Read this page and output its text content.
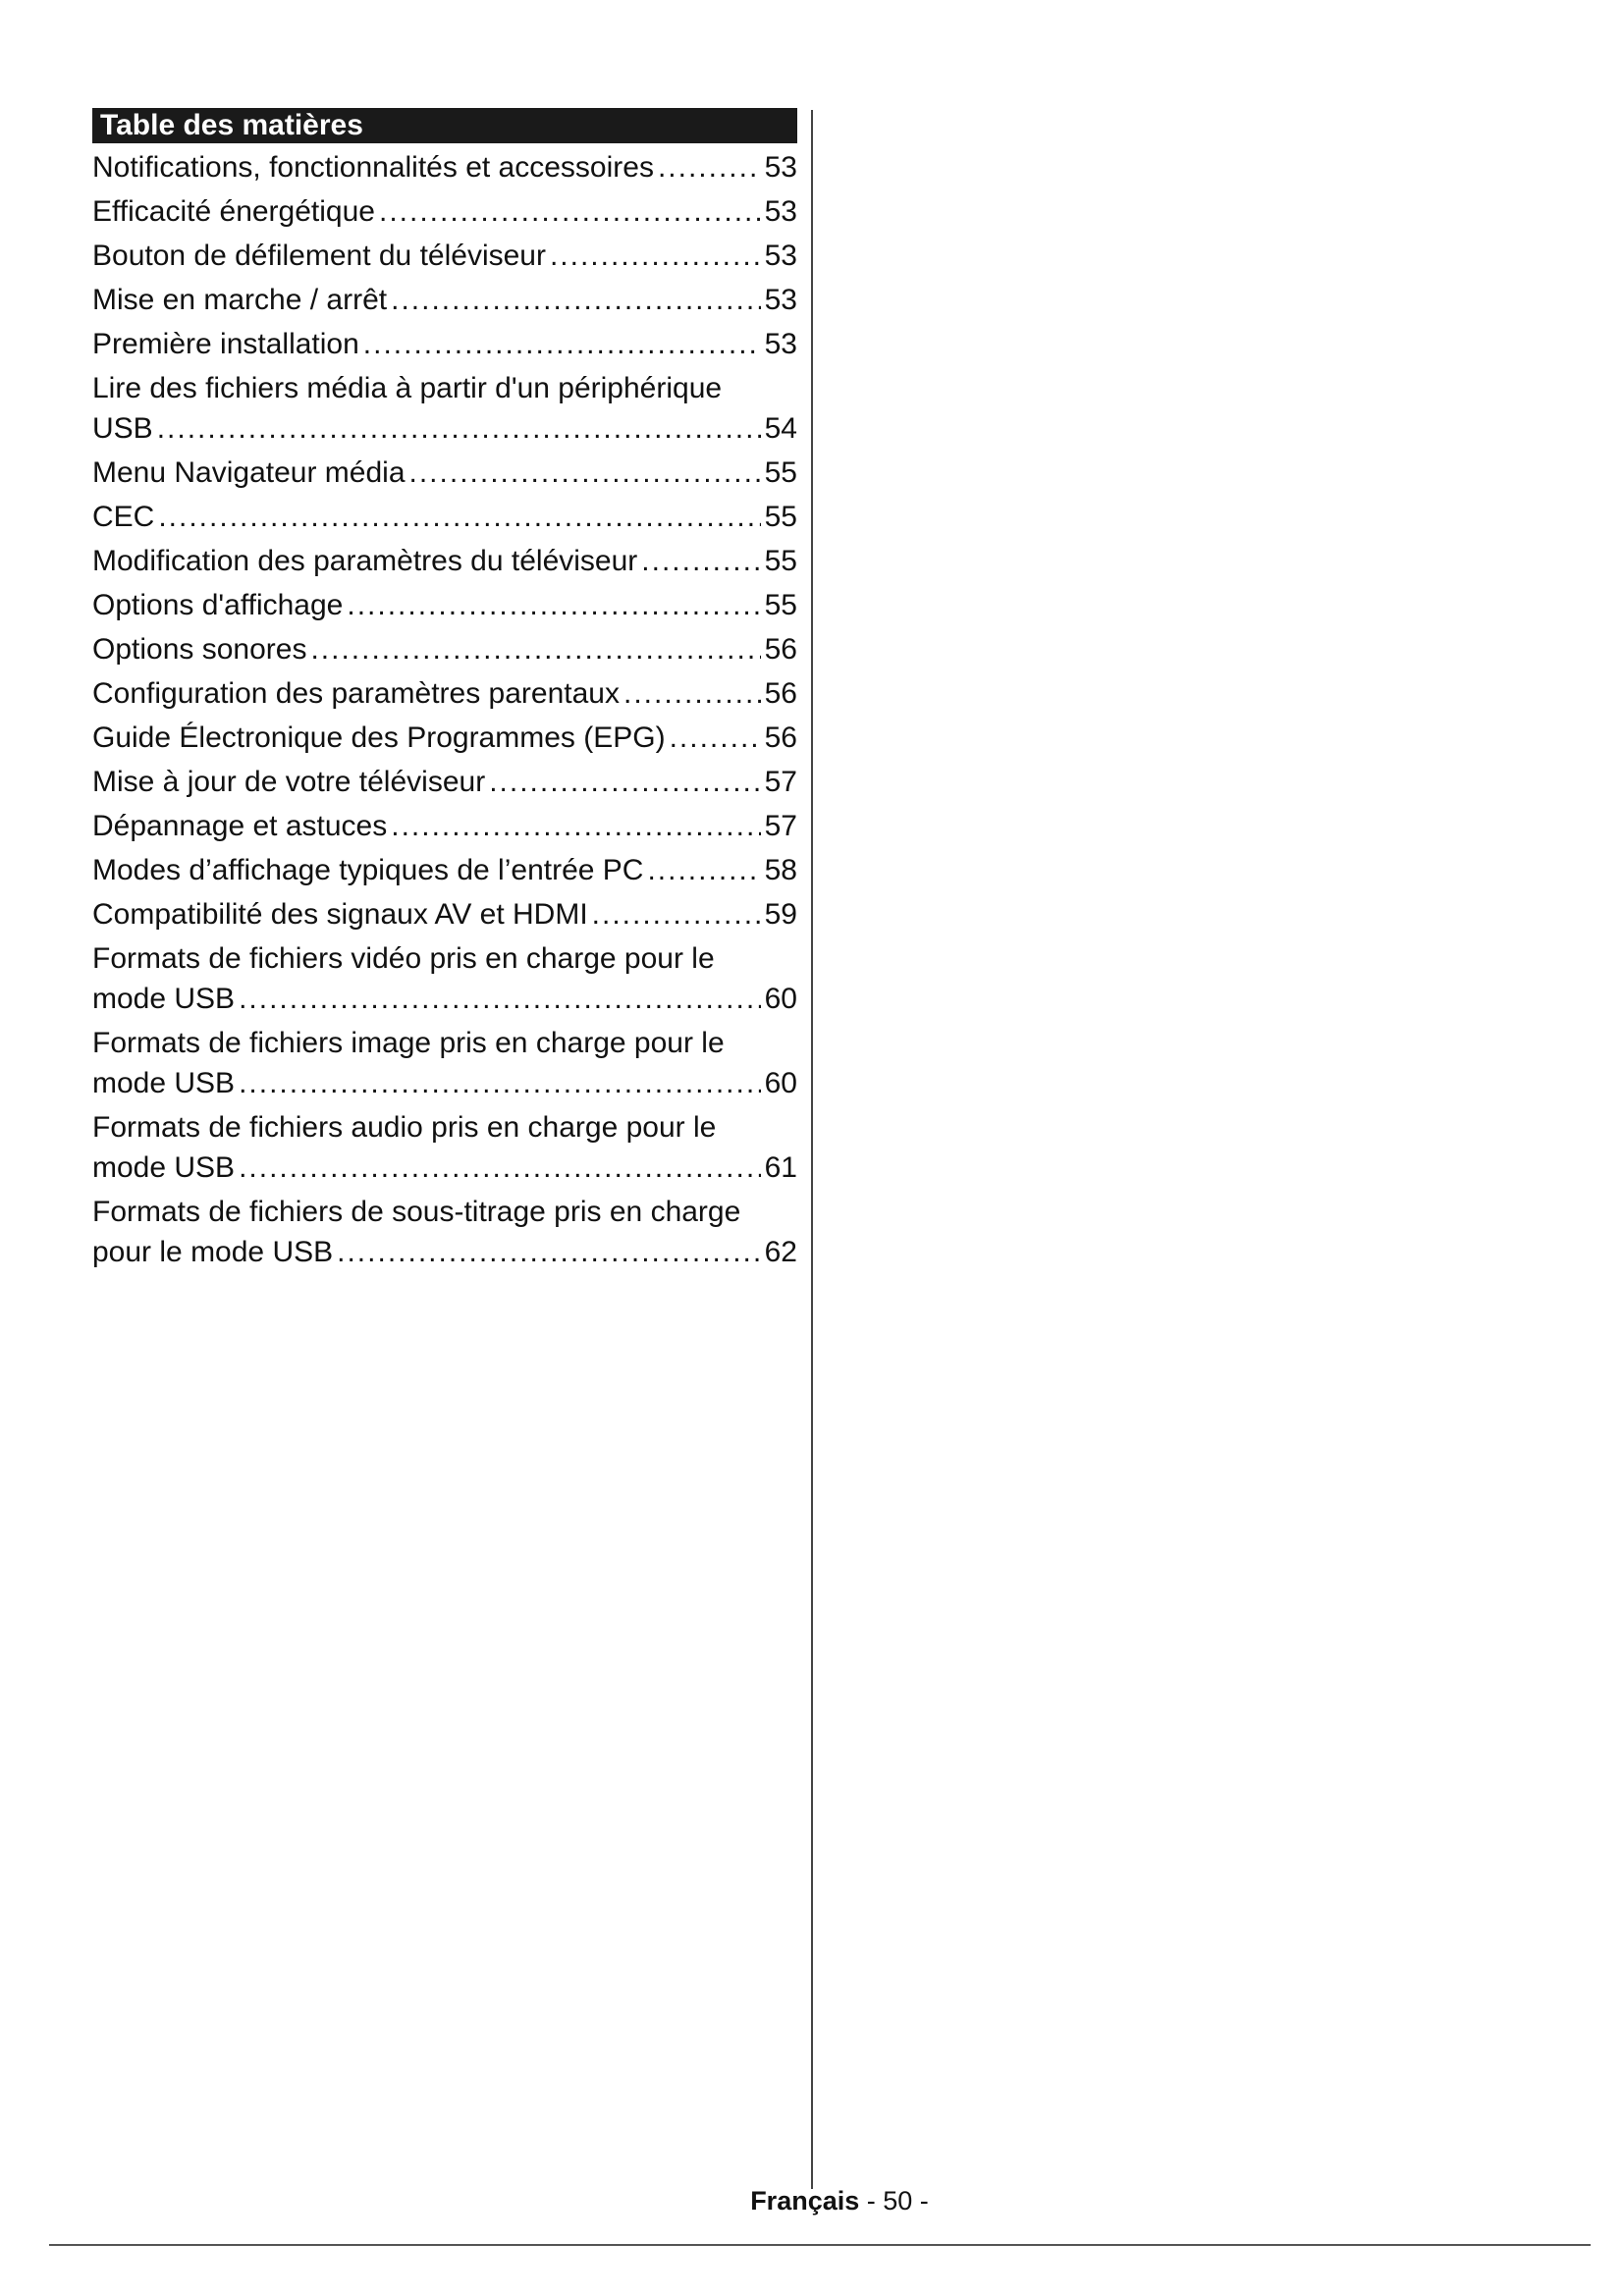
Table des matières
Notifications, fonctionnalités et accessoires .....	53
Efficacité énergétique .....	53
Bouton de défilement du téléviseur .....	53
Mise en marche / arrêt .....	53
Première installation .....	53
Lire des fichiers média à partir d'un périphérique
USB .....	54
Menu Navigateur média .....	55
CEC .....	55
Modification des paramètres du téléviseur .....	55
Options d'affichage .....	55
Options sonores .....	56
Configuration des paramètres parentaux .....	56
Guide Électronique des Programmes (EPG) .....	56
Mise à jour de votre téléviseur .....	57
Dépannage et astuces .....	57
Modes d’affichage typiques de l’entrée PC .....	58
Compatibilité des signaux AV et HDMI .....	59
Formats de fichiers vidéo pris en charge pour le
mode USB .....	60
Formats de fichiers image pris en charge pour le
mode USB .....	60
Formats de fichiers audio pris en charge pour le
mode USB .....	61
Formats de fichiers de sous-titrage pris en charge
pour le mode USB .....	62
Français - 50 -
